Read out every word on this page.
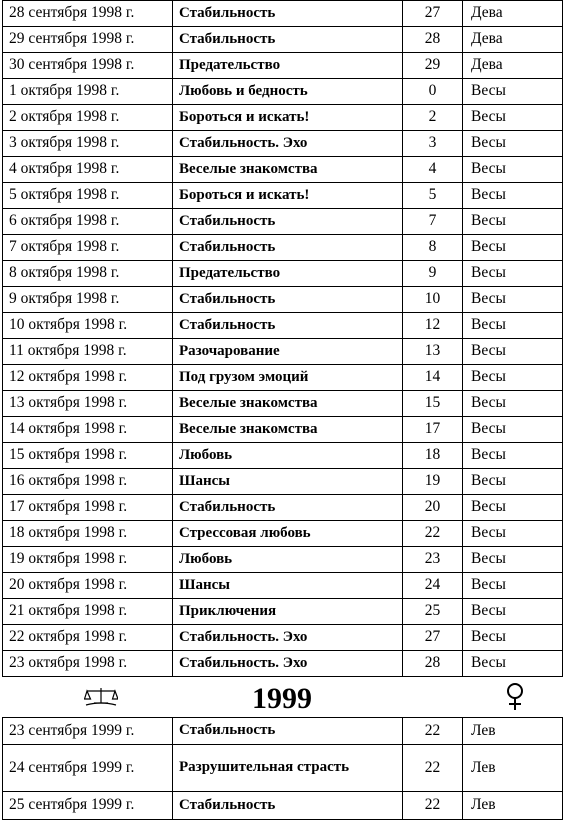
28 сентября 1998 г.	Стабильность	27	Дева
29 сентября 1998 г.	Стабильность	28	Дева
30 сентября 1998 г.	Предательство	29	Дева
1 октября 1998 г.	Любовь и бедность	0	Весы
2 октября 1998 г.	Бороться и искать!	2	Весы
3 октября 1998 г.	Стабильность. Эхо	3	Весы
4 октября 1998 г.	Веселые знакомства	4	Весы
5 октября 1998 г.	Бороться и искать!	5	Весы
6 октября 1998 г.	Стабильность	7	Весы
7 октября 1998 г.	Стабильность	8	Весы
8 октября 1998 г.	Предательство	9	Весы
9 октября 1998 г.	Стабильность	10	Весы
10 октября 1998 г.	Стабильность	12	Весы
11 октября 1998 г.	Разочарование	13	Весы
12 октября 1998 г.	Под грузом эмоций	14	Весы
13 октября 1998 г.	Веселые знакомства	15	Весы
14 октября 1998 г.	Веселые знакомства	17	Весы
15 октября 1998 г.	Любовь	18	Весы
16 октября 1998 г.	Шансы	19	Весы
17 октября 1998 г.	Стабильность	20	Весы
18 октября 1998 г.	Стрессовая любовь	22	Весы
19 октября 1998 г.	Любовь	23	Весы
20 октября 1998 г.	Шансы	24	Весы
21 октября 1998 г.	Приключения	25	Весы
22 октября 1998 г.	Стабильность. Эхо	27	Весы
23 октября 1998 г.	Стабильность. Эхо	28	Весы
1999
23 сентября 1999 г.	Стабильность	22	Лев
24 сентября 1999 г.	Разрушительная страсть	22	Лев
25 сентября 1999 г.	Стабильность	22	Лев
